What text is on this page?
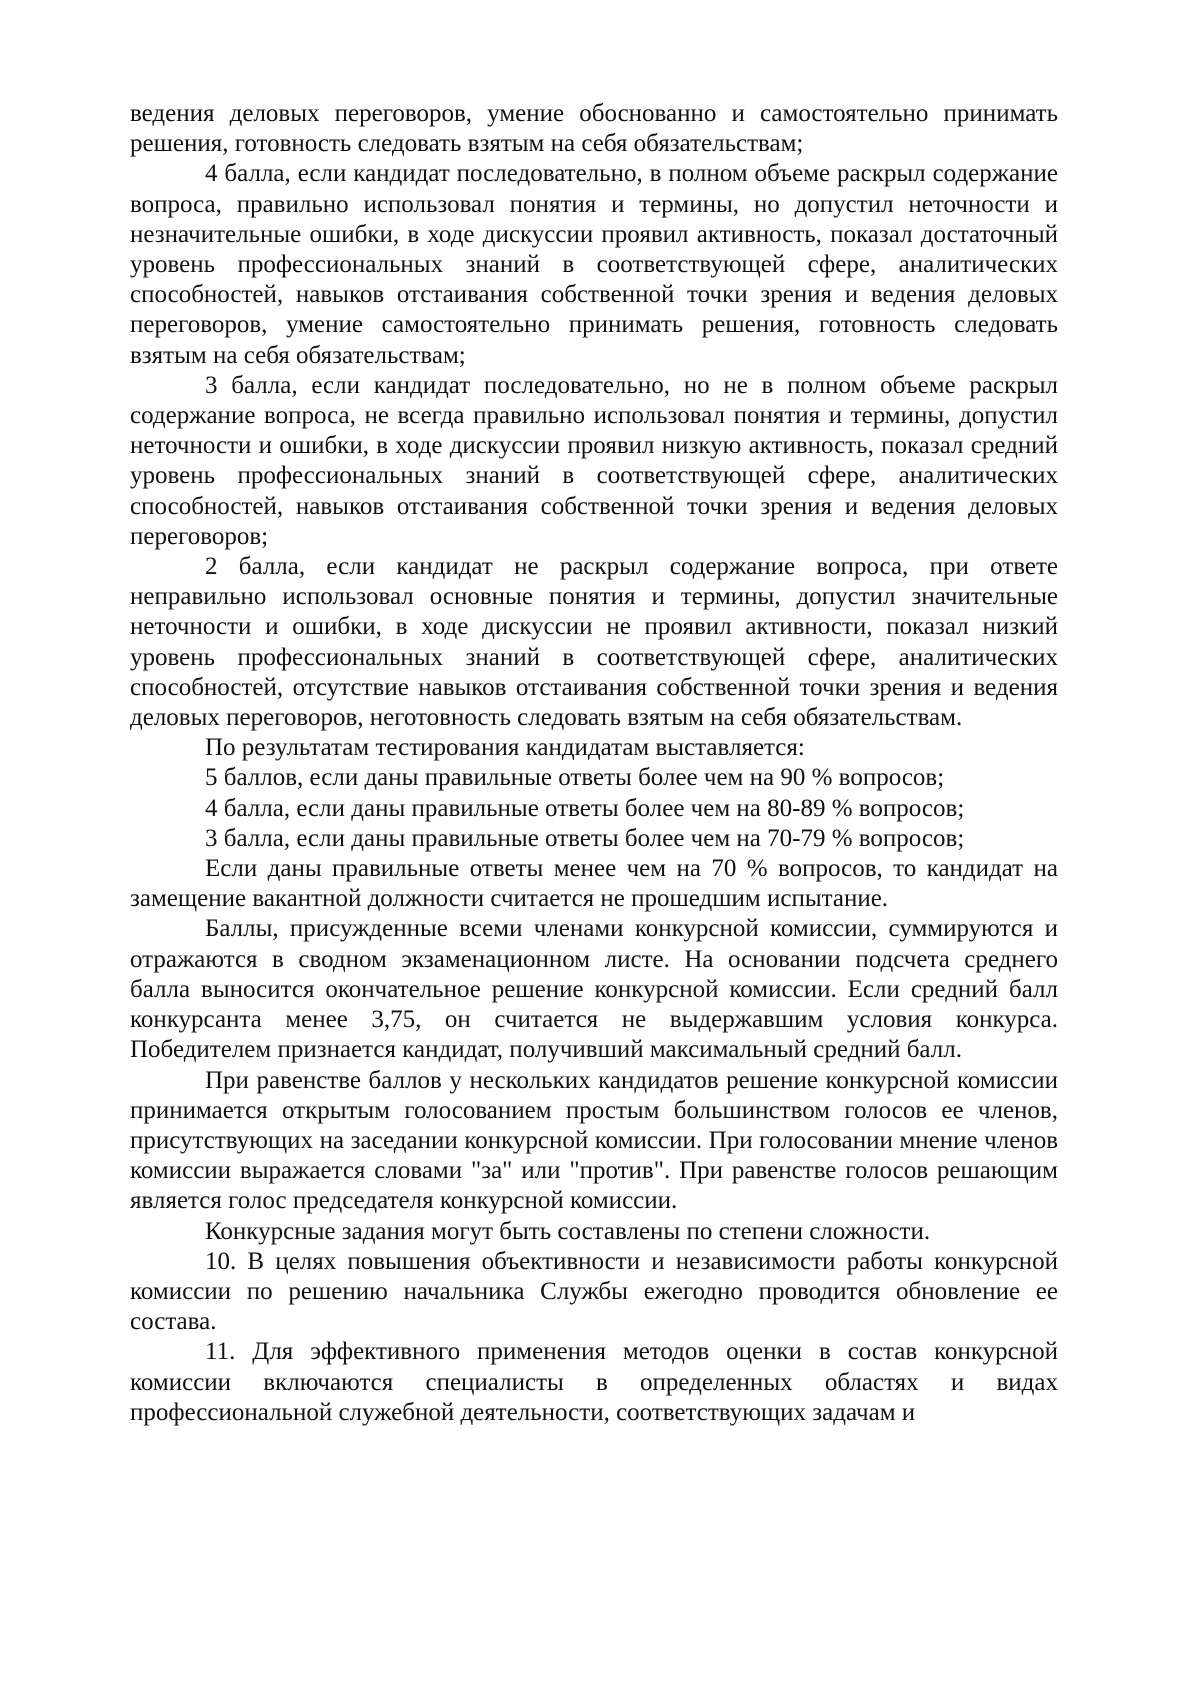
ведения деловых переговоров, умение обоснованно и самостоятельно принимать решения, готовность следовать взятым на себя обязательствам;

4 балла, если кандидат последовательно, в полном объеме раскрыл содержание вопроса, правильно использовал понятия и термины, но допустил неточности и незначительные ошибки, в ходе дискуссии проявил активность, показал достаточный уровень профессиональных знаний в соответствующей сфере, аналитических способностей, навыков отстаивания собственной точки зрения и ведения деловых переговоров, умение самостоятельно принимать решения, готовность следовать взятым на себя обязательствам;

3 балла, если кандидат последовательно, но не в полном объеме раскрыл содержание вопроса, не всегда правильно использовал понятия и термины, допустил неточности и ошибки, в ходе дискуссии проявил низкую активность, показал средний уровень профессиональных знаний в соответствующей сфере, аналитических способностей, навыков отстаивания собственной точки зрения и ведения деловых переговоров;

2 балла, если кандидат не раскрыл содержание вопроса, при ответе неправильно использовал основные понятия и термины, допустил значительные неточности и ошибки, в ходе дискуссии не проявил активности, показал низкий уровень профессиональных знаний в соответствующей сфере, аналитических способностей, отсутствие навыков отстаивания собственной точки зрения и ведения деловых переговоров, неготовность следовать взятым на себя обязательствам.

По результатам тестирования кандидатам выставляется:

5 баллов, если даны правильные ответы более чем на 90 % вопросов;

4 балла, если даны правильные ответы более чем на 80-89 % вопросов;

3 балла, если даны правильные ответы более чем на 70-79 % вопросов;

Если даны правильные ответы менее чем на 70 % вопросов, то кандидат на замещение вакантной должности считается не прошедшим испытание.

Баллы, присужденные всеми членами конкурсной комиссии, суммируются и отражаются в сводном экзаменационном листе. На основании подсчета среднего балла выносится окончательное решение конкурсной комиссии. Если средний балл конкурсанта менее 3,75, он считается не выдержавшим условия конкурса. Победителем признается кандидат, получивший максимальный средний балл.

При равенстве баллов у нескольких кандидатов решение конкурсной комиссии принимается открытым голосованием простым большинством голосов ее членов, присутствующих на заседании конкурсной комиссии. При голосовании мнение членов комиссии выражается словами "за" или "против". При равенстве голосов решающим является голос председателя конкурсной комиссии.

Конкурсные задания могут быть составлены по степени сложности.

10. В целях повышения объективности и независимости работы конкурсной комиссии по решению начальника Службы ежегодно проводится обновление ее состава.

11. Для эффективного применения методов оценки в состав конкурсной комиссии включаются специалисты в определенных областях и видах профессиональной служебной деятельности, соответствующих задачам и
